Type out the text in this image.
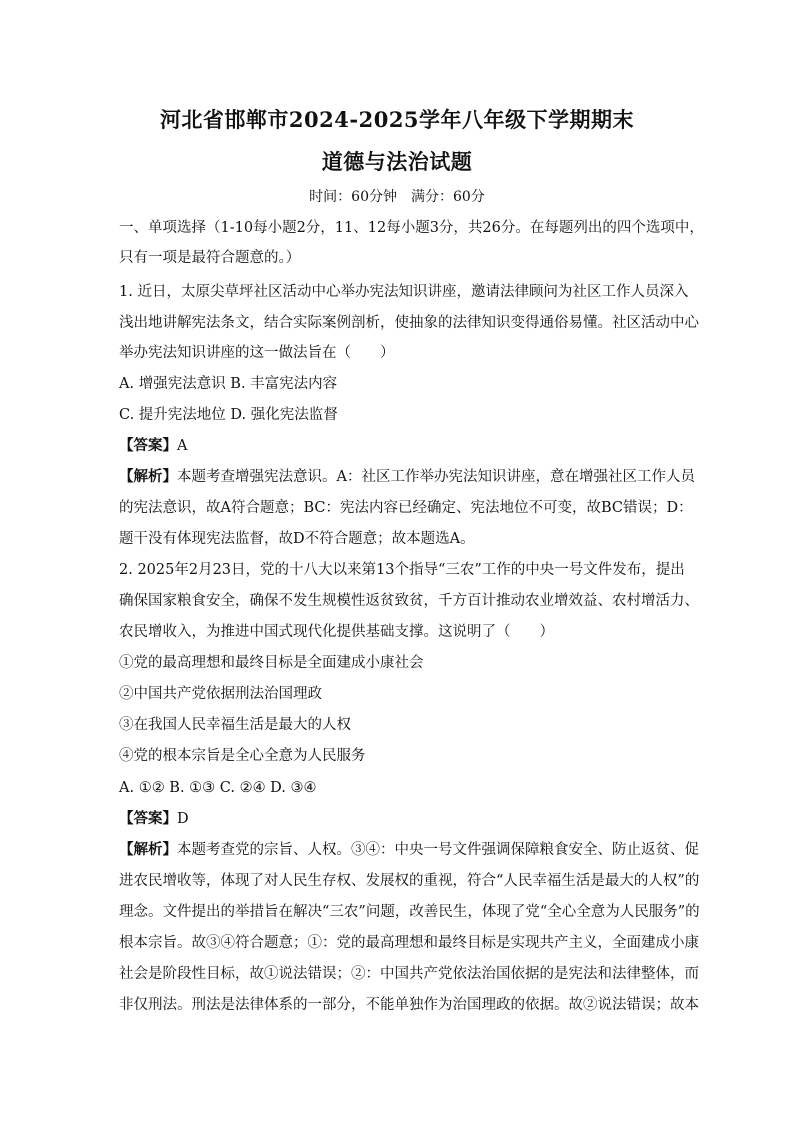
河北省邯郸市2024-2025学年八年级下学期期末
道德与法治试题
时间：60分钟　满分：60分
一、单项选择（1-10每小题2分，11、12每小题3分，共26分。在每题列出的四个选项中，
只有一项是最符合题意的。）
1. 近日，太原尖草坪社区活动中心举办宪法知识讲座，邀请法律顾问为社区工作人员深入
浅出地讲解宪法条文，结合实际案例剖析，使抽象的法律知识变得通俗易懂。社区活动中心
举办宪法知识讲座的这一做法旨在（　　）
A. 增强宪法意识 B. 丰富宪法内容
C. 提升宪法地位 D. 强化宪法监督
【答案】A
【解析】本题考查增强宪法意识。A：社区工作举办宪法知识讲座，意在增强社区工作人员
的宪法意识，故A符合题意；BC：宪法内容已经确定、宪法地位不可变，故BC错误；D：
题干没有体现宪法监督，故D不符合题意；故本题选A。
2. 2025年2月23日，党的十八大以来第13个指导“三农”工作的中央一号文件发布，提出
确保国家粮食安全，确保不发生规模性返贫致贫，千方百计推动农业增效益、农村增活力、
农民增收入，为推进中国式现代化提供基础支撑。这说明了（　　）
①党的最高理想和最终目标是全面建成小康社会
②中国共产党依据刑法治国理政
③在我国人民幸福生活是最大的人权
④党的根本宗旨是全心全意为人民服务
A. ①② B. ①③ C. ②④ D. ③④
【答案】D
【解析】本题考查党的宗旨、人权。③④：中央一号文件强调保障粮食安全、防止返贫、促
进农民增收等，体现了对人民生存权、发展权的重视，符合“人民幸福生活是最大的人权”的
理念。文件提出的举措旨在解决“三农”问题，改善民生，体现了党“全心全意为人民服务”的
根本宗旨。故③④符合题意；①：党的最高理想和最终目标是实现共产主义，全面建成小康
社会是阶段性目标，故①说法错误；②：中国共产党依法治国依据的是宪法和法律整体，而
非仅刑法。刑法是法律体系的一部分，不能单独作为治国理政的依据。故②说法错误；故本
